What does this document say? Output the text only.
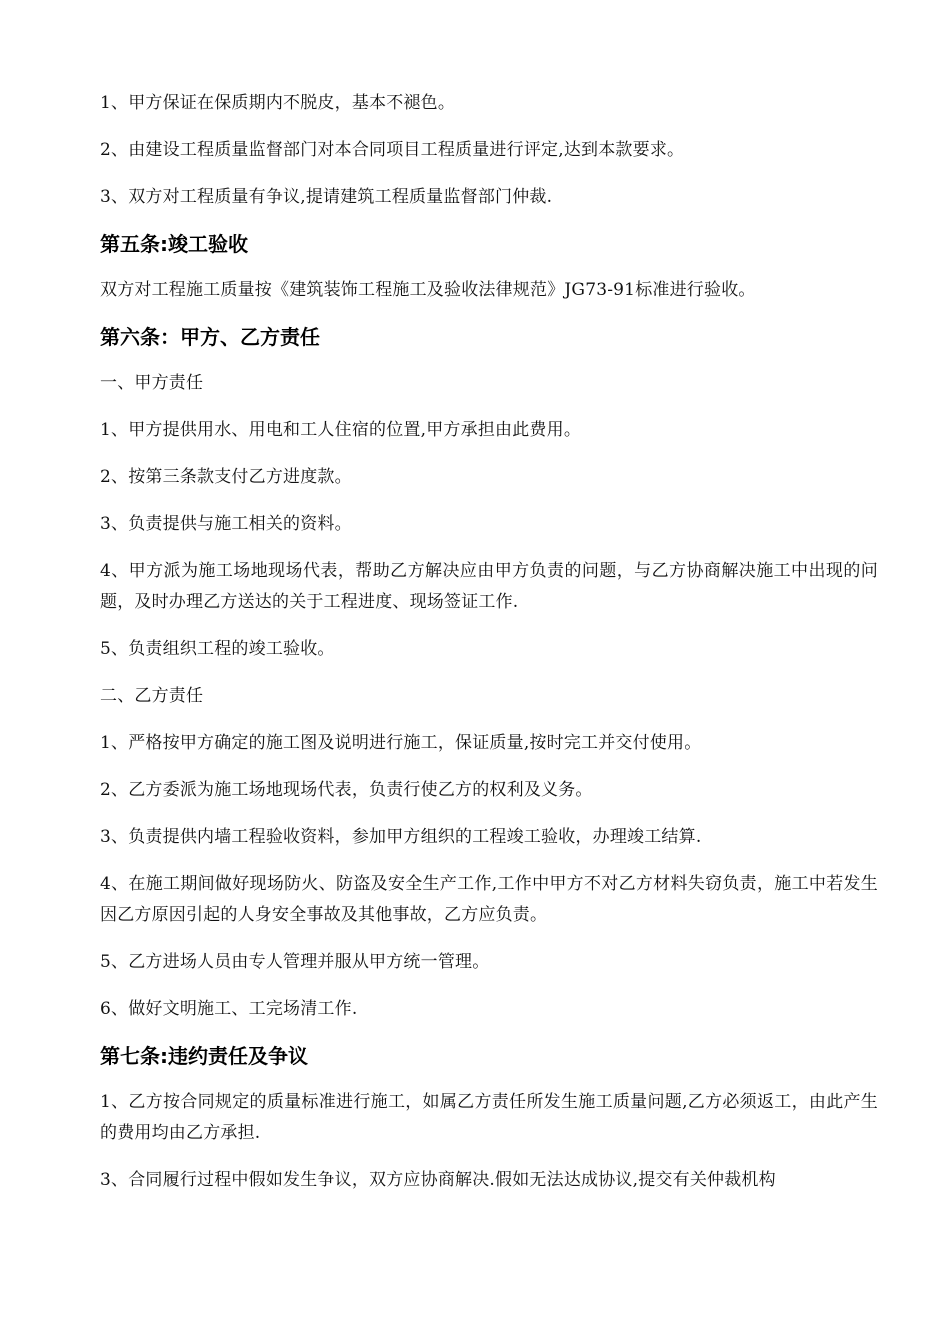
1、甲方保证在保质期内不脱皮，基本不褪色。

2、由建设工程质量监督部门对本合同项目工程质量进行评定,达到本款要求。

3、双方对工程质量有争议,提请建筑工程质量监督部门仲裁.

第五条:竣工验收

双方对工程施工质量按《建筑装饰工程施工及验收法律规范》JG73-91标准进行验收。

第六条：甲方、乙方责任

一、甲方责任

1、甲方提供用水、用电和工人住宿的位置,甲方承担由此费用。

2、按第三条款支付乙方进度款。

3、负责提供与施工相关的资料。

4、甲方派为施工场地现场代表，帮助乙方解决应由甲方负责的问题，与乙方协商解决施工中出现的问题，及时办理乙方送达的关于工程进度、现场签证工作.

5、负责组织工程的竣工验收。

二、乙方责任

1、严格按甲方确定的施工图及说明进行施工，保证质量,按时完工并交付使用。

2、乙方委派为施工场地现场代表，负责行使乙方的权利及义务。

3、负责提供内墙工程验收资料，参加甲方组织的工程竣工验收，办理竣工结算.

4、在施工期间做好现场防火、防盗及安全生产工作,工作中甲方不对乙方材料失窃负责，施工中若发生因乙方原因引起的人身安全事故及其他事故，乙方应负责。

5、乙方进场人员由专人管理并服从甲方统一管理。

6、做好文明施工、工完场清工作.

第七条:违约责任及争议

1、乙方按合同规定的质量标准进行施工，如属乙方责任所发生施工质量问题,乙方必须返工，由此产生的费用均由乙方承担.

3、合同履行过程中假如发生争议，双方应协商解决.假如无法达成协议,提交有关仲裁机构
